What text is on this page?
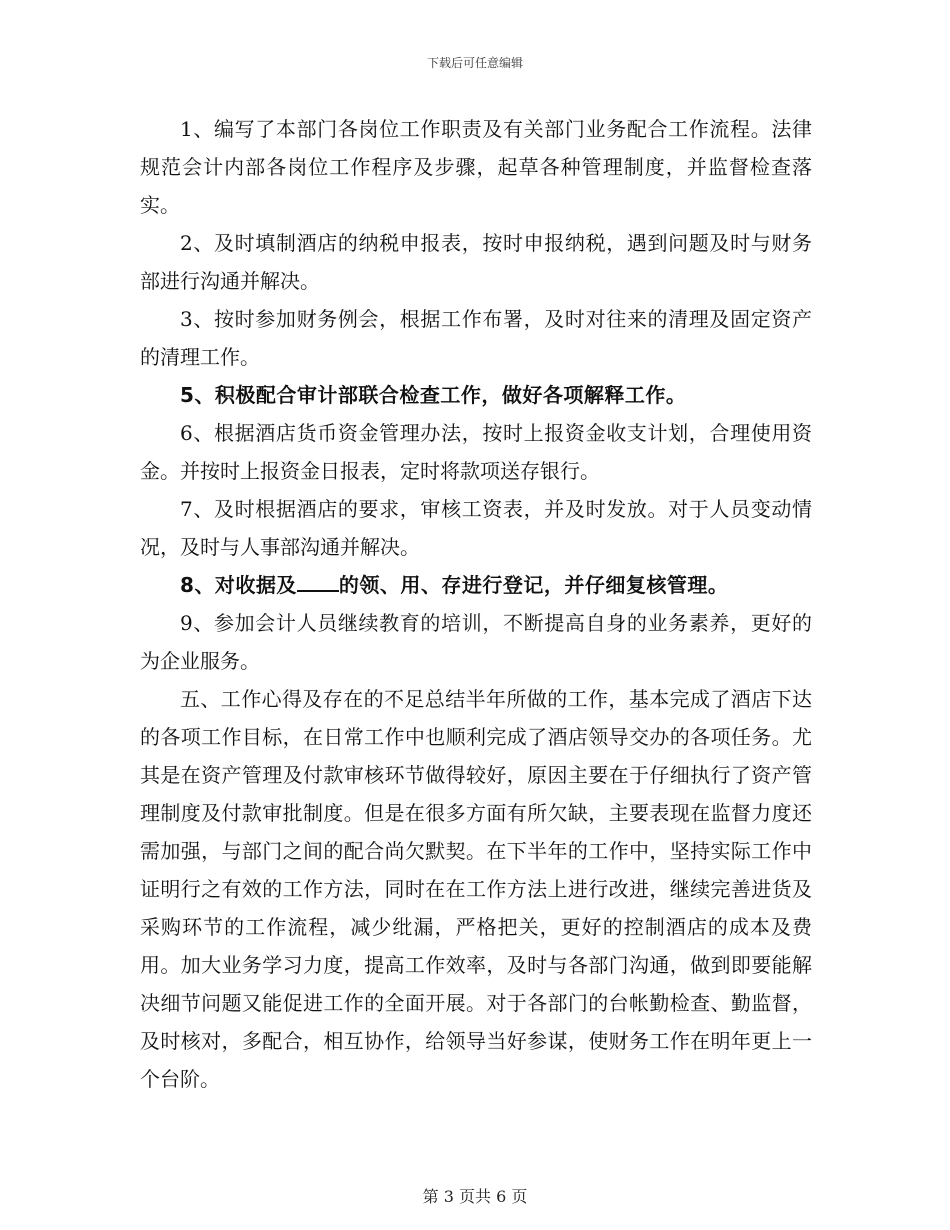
下载后可任意编辑

1、编写了本部门各岗位工作职责及有关部门业务配合工作流程。法律规范会计内部各岗位工作程序及步骤，起草各种管理制度，并监督检查落实。

2、及时填制酒店的纳税申报表，按时申报纳税，遇到问题及时与财务部进行沟通并解决。

3、按时参加财务例会，根据工作布署，及时对往来的清理及固定资产的清理工作。

5、积极配合审计部联合检查工作，做好各项解释工作。

6、根据酒店货币资金管理办法，按时上报资金收支计划，合理使用资金。并按时上报资金日报表，定时将款项送存银行。

7、及时根据酒店的要求，审核工资表，并及时发放。对于人员变动情况，及时与人事部沟通并解决。

8、对收据及 的领、用、存进行登记，并仔细复核管理。

9、参加会计人员继续教育的培训，不断提高自身的业务素养，更好的为企业服务。

五、工作心得及存在的不足总结半年所做的工作，基本完成了酒店下达的各项工作目标，在日常工作中也顺利完成了酒店领导交办的各项任务。尤其是在资产管理及付款审核环节做得较好，原因主要在于仔细执行了资产管理制度及付款审批制度。但是在很多方面有所欠缺，主要表现在监督力度还需加强，与部门之间的配合尚欠默契。在下半年的工作中，坚持实际工作中证明行之有效的工作方法，同时在在工作方法上进行改进，继续完善进货及采购环节的工作流程，减少纰漏，严格把关，更好的控制酒店的成本及费用。加大业务学习力度，提高工作效率，及时与各部门沟通，做到即要能解决细节问题又能促进工作的全面开展。对于各部门的台帐勤检查、勤监督，及时核对，多配合，相互协作，给领导当好参谋，使财务工作在明年更上一个台阶。

第 3 页共 6 页
